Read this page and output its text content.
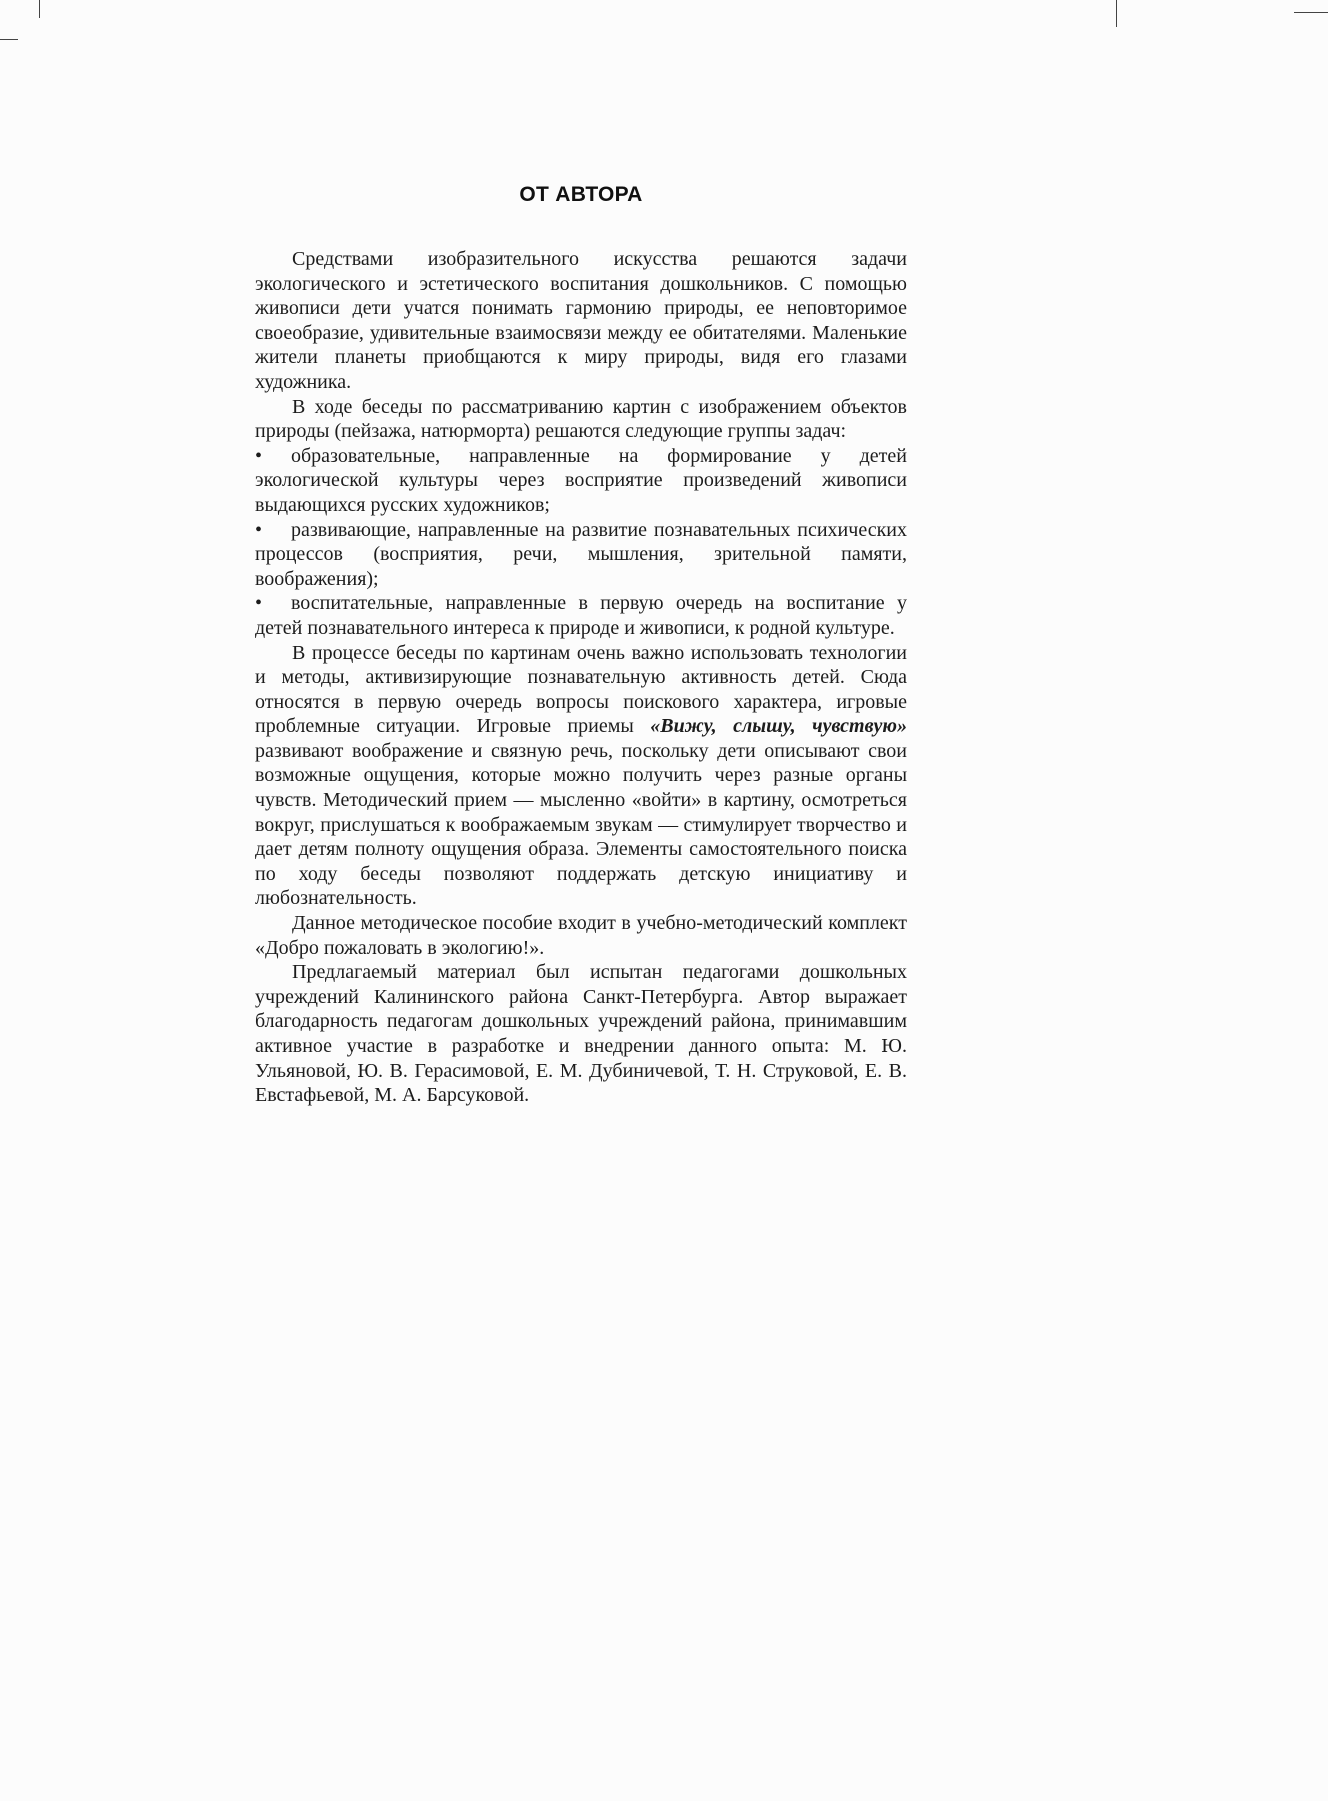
ОТ АВТОРА

Средствами изобразительного искусства решаются задачи экологического и эстетического воспитания дошкольников. С помощью живописи дети учатся понимать гармонию природы, ее неповторимое своеобразие, удивительные взаимосвязи между ее обитателями. Маленькие жители планеты приобщаются к миру природы, видя его глазами художника.

В ходе беседы по рассматриванию картин с изображением объектов природы (пейзажа, натюрморта) решаются следующие группы задач:

• образовательные, направленные на формирование у детей экологической культуры через восприятие произведений живописи выдающихся русских художников;

• развивающие, направленные на развитие познавательных психических процессов (восприятия, речи, мышления, зрительной памяти, воображения);

• воспитательные, направленные в первую очередь на воспитание у детей познавательного интереса к природе и живописи, к родной культуре.

В процессе беседы по картинам очень важно использовать технологии и методы, активизирующие познавательную активность детей. Сюда относятся в первую очередь вопросы поискового характера, игровые проблемные ситуации. Игровые приемы «Вижу, слышу, чувствую» развивают воображение и связную речь, поскольку дети описывают свои возможные ощущения, которые можно получить через разные органы чувств. Методический прием — мысленно «войти» в картину, осмотреться вокруг, прислушаться к воображаемым звукам — стимулирует творчество и дает детям полноту ощущения образа. Элементы самостоятельного поиска по ходу беседы позволяют поддержать детскую инициативу и любознательность.

Данное методическое пособие входит в учебно-методический комплект «Добро пожаловать в экологию!».

Предлагаемый материал был испытан педагогами дошкольных учреждений Калининского района Санкт-Петербурга. Автор выражает благодарность педагогам дошкольных учреждений района, принимавшим активное участие в разработке и внедрении данного опыта: М. Ю. Ульяновой, Ю. В. Герасимовой, Е. М. Дубиничевой, Т. Н. Струковой, Е. В. Евстафьевой, М. А. Барсуковой.
